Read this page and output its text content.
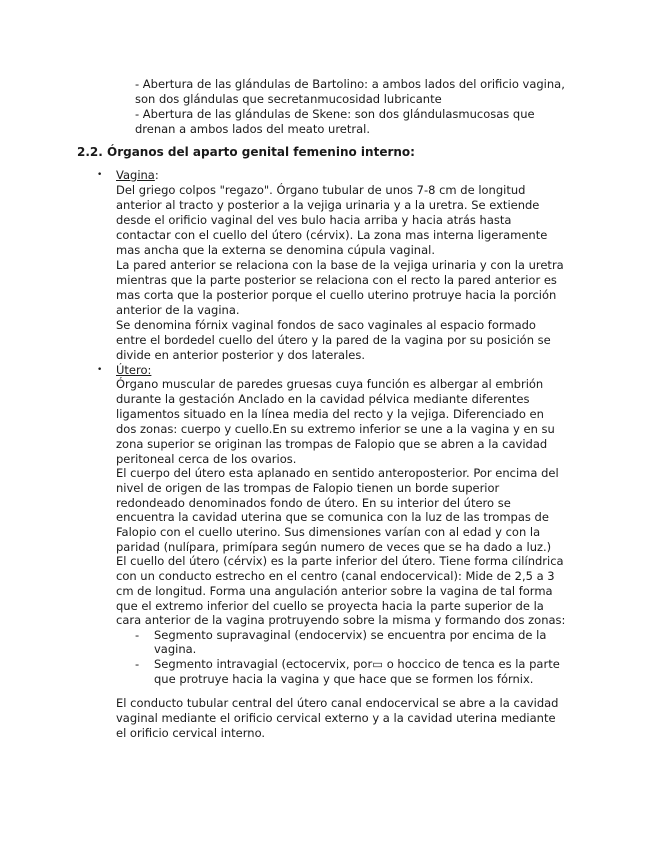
- Abertura de las glándulas de Bartolino: a ambos lados del orificio vagina,
son dos glándulas que secretanmucosidad lubricante
- Abertura de las glándulas de Skene: son dos glándulasmucosas que
drenan a ambos lados del meato uretral.
2.2. Órganos del aparto genital femenino interno:
• Vagina:
Del griego colpos "regazo". Órgano tubular de unos 7-8 cm de longitud
anterior al tracto y posterior a la vejiga urinaria y a la uretra. Se extiende
desde el orificio vaginal del ves bulo hacia arriba y hacia atrás hasta
contactar con el cuello del útero (cérvix). La zona mas interna ligeramente
mas ancha que la externa se denomina cúpula vaginal.
La pared anterior se relaciona con la base de la vejiga urinaria y con la uretra
mientras que la parte posterior se relaciona con el recto la pared anterior es
mas corta que la posterior porque el cuello uterino protruye hacia la porción
anterior de la vagina.
Se denomina fórnix vaginal fondos de saco vaginales al espacio formado
entre el bordedel cuello del útero y la pared de la vagina por su posición se
divide en anterior posterior y dos laterales.
• Útero:
Órgano muscular de paredes gruesas cuya función es albergar al embrión
durante la gestación Anclado en la cavidad pélvica mediante diferentes
ligamentos situado en la línea media del recto y la vejiga. Diferenciado en
dos zonas: cuerpo y cuello.En su extremo inferior se une a la vagina y en su
zona superior se originan las trompas de Falopio que se abren a la cavidad
peritoneal cerca de los ovarios.
El cuerpo del útero esta aplanado en sentido anteroposterior. Por encima del
nivel de origen de las trompas de Falopio tienen un borde superior
redondeado denominados fondo de útero. En su interior del útero se
encuentra la cavidad uterina que se comunica con la luz de las trompas de
Falopio con el cuello uterino. Sus dimensiones varían con al edad y con la
paridad (nulípara, primípara según numero de veces que se ha dado a luz.)
El cuello del útero (cérvix) es la parte inferior del útero. Tiene forma cilíndrica
con un conducto estrecho en el centro (canal endocervical): Mide de 2,5 a 3
cm de longitud. Forma una angulación anterior sobre la vagina de tal forma
que el extremo inferior del cuello se proyecta hacia la parte superior de la
cara anterior de la vagina protruyendo sobre la misma y formando dos zonas:
- Segmento supravaginal (endocervix) se encuentra por encima de la
vagina.
- Segmento intravagial (ectocervix, por▭ o hoccico de tenca es la parte
que protruye hacia la vagina y que hace que se formen los fórnix.
El conducto tubular central del útero canal endocervical se abre a la cavidad
vaginal mediante el orificio cervical externo y a la cavidad uterina mediante
el orificio cervical interno.
